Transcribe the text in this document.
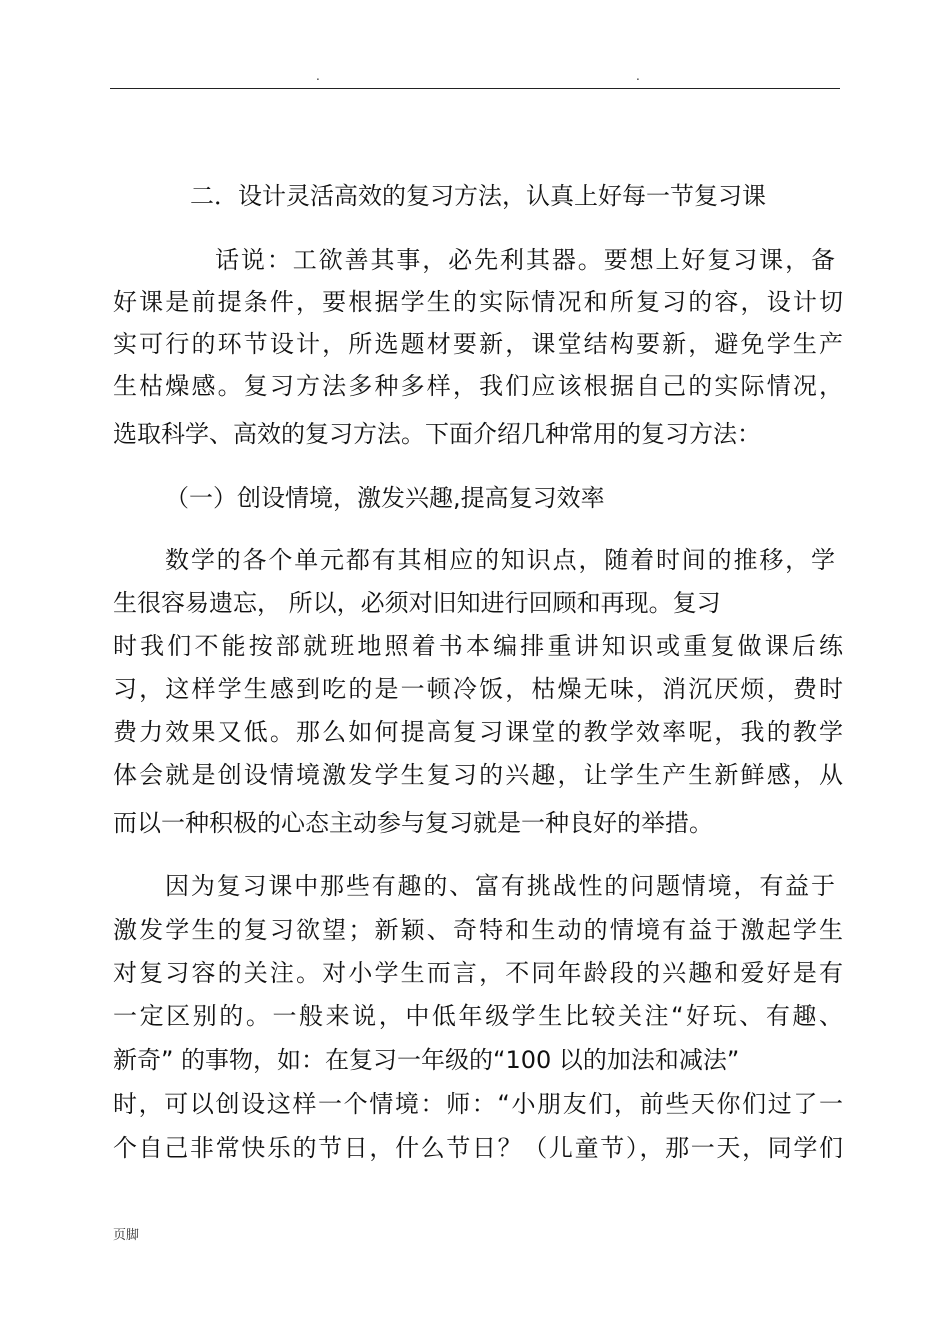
.	.
二．设计灵活高效的复习方法，认真上好每一节复习课
话说：工欲善其事，必先利其器。要想上好复习课，备
好课是前提条件，要根据学生的实际情况和所复习的容，设计切
实可行的环节设计，所选题材要新，课堂结构要新，避免学生产
生枯燥感。复习方法多种多样，我们应该根据自己的实际情况，
选取科学、高效的复习方法。下面介绍几种常用的复习方法：
（一）创设情境，激发兴趣,提高复习效率
数学的各个单元都有其相应的知识点，随着时间的推移，学
生很容易遗忘， 所以，必须对旧知进行回顾和再现。复习
时我们不能按部就班地照着书本编排重讲知识或重复做课后练
习，这样学生感到吃的是一顿冷饭，枯燥无味，消沉厌烦，费时
费力效果又低。那么如何提高复习课堂的教学效率呢，我的教学
体会就是创设情境激发学生复习的兴趣，让学生产生新鲜感，从
而以一种积极的心态主动参与复习就是一种良好的举措。
因为复习课中那些有趣的、富有挑战性的问题情境，有益于
激发学生的复习欲望；新颖、奇特和生动的情境有益于激起学生
对复习容的关注。对小学生而言，不同年龄段的兴趣和爱好是有
一定区别的。一般来说，中低年级学生比较关注“好玩、有趣、
新奇” 的事物，如：在复习一年级的“100 以的加法和减法”
时，可以创设这样一个情境：师：“小朋友们，前些天你们过了一
个自己非常快乐的节日，什么节日？（儿童节），那一天，同学们
页脚
